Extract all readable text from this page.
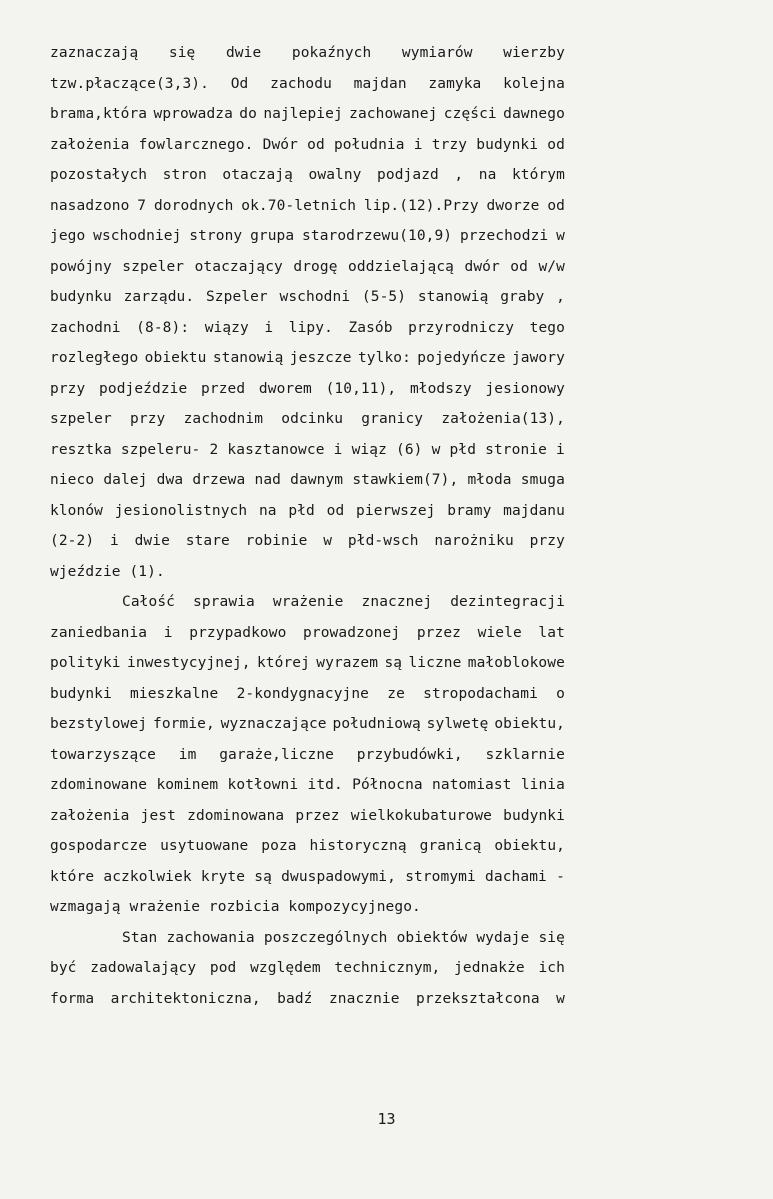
zaznaczają się dwie pokaźnych wymiarów wierzby
tzw.płaczące(3,3). Od zachodu majdan zamyka kolejna
brama,która wprowadza do najlepiej zachowanej części dawnego
założenia fowlarcznego. Dwór od południa i trzy budynki od
pozostałych stron otaczają owalny podjazd , na którym
nasadzono 7 dorodnych ok.70-letnich lip.(12).Przy dworze od
jego wschodniej strony grupa starodrzewu(10,9) przechodzi w
powójny szpeler otaczający drogę oddzielającą dwór od w/w
budynku zarządu. Szpeler wschodni (5-5) stanowią graby ,
zachodni (8-8): wiązy i lipy. Zasób przyrodniczy tego
rozległego obiektu stanowią jeszcze tylko: pojedyńcze jawory
przy podjeździe przed dworem (10,11), młodszy jesionowy
szpeler przy zachodnim odcinku granicy założenia(13),
resztka szpeleru- 2 kasztanowce i wiąz (6) w płd stronie i
nieco dalej dwa drzewa nad dawnym stawkiem(7), młoda smuga
klonów jesionolistnych na płd od pierwszej bramy majdanu
(2-2) i dwie stare robinie w płd-wsch narożniku przy
wjeździe (1).
Całość sprawia wrażenie znacznej dezintegracji
zaniedbania i przypadkowo prowadzonej przez wiele lat
polityki inwestycyjnej, której wyrazem są liczne małoblokowe
budynki mieszkalne 2-kondygnacyjne ze stropodachami o
bezstylowej formie, wyznaczające południową sylwetę obiektu,
towarzyszące im garaże,liczne przybudówki, szklarnie
zdominowane kominem kotłowni itd. Północna natomiast linia
założenia jest zdominowana przez wielkokubaturowe budynki
gospodarcze usytuowane poza historyczną granicą obiektu,
które aczkolwiek kryte są dwuspadowymi, stromymi dachami -
wzmagają wrażenie rozbicia kompozycyjnego.
Stan zachowania poszczególnych obiektów wydaje się
być zadowalający pod względem technicznym, jednakże ich
forma architektoniczna, badź znacznie przekształcona w
13
